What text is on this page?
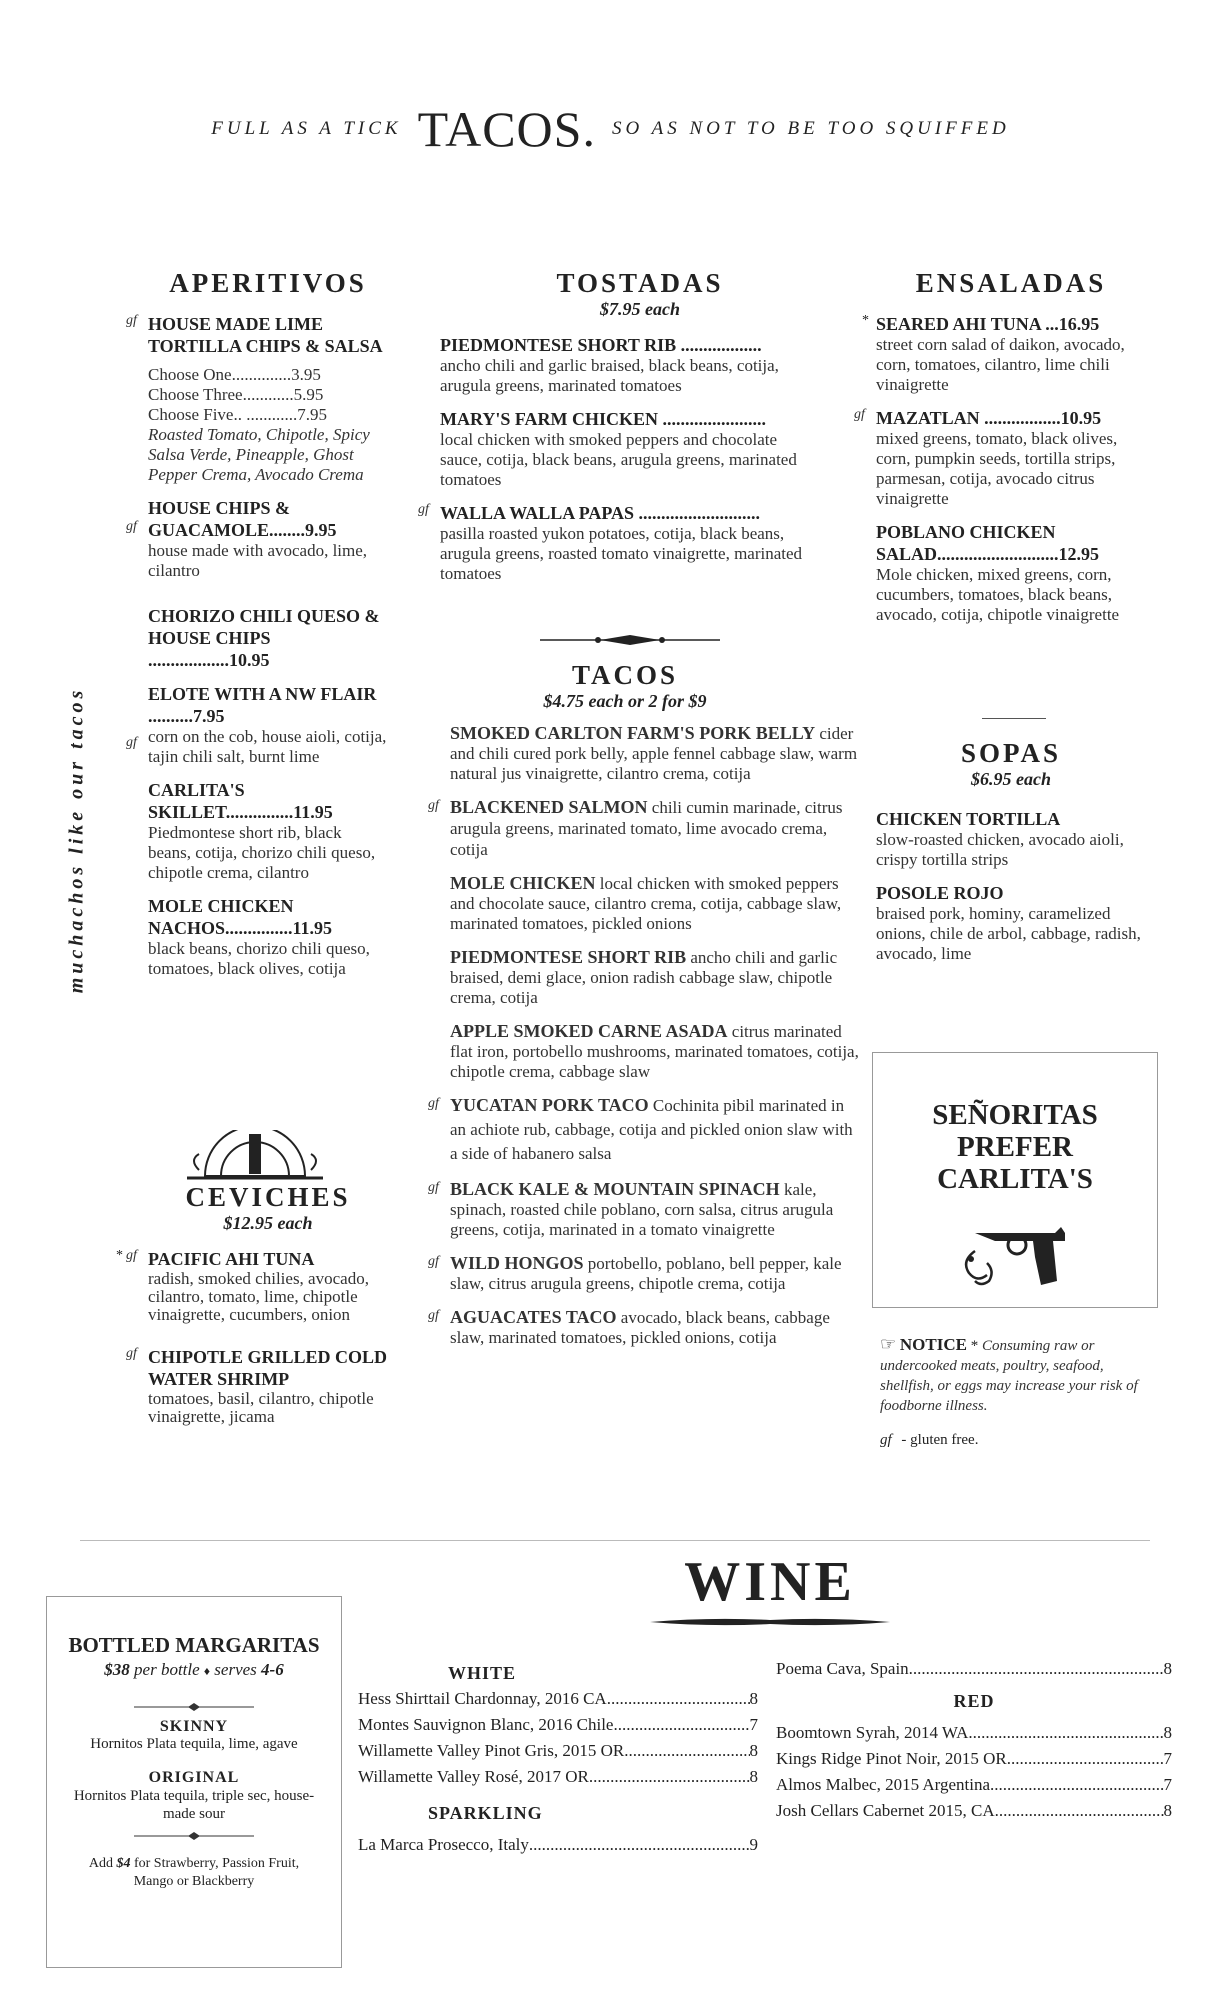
FULL AS A TICK TACOS. SO AS NOT TO BE TOO SQUIFFED
muchachos like our tacos
APERITIVOS
gf HOUSE MADE LIME TORTILLA CHIPS & SALSA
Choose One..............3.95
Choose Three............5.95
Choose Five.. ............7.95
Roasted Tomato, Chipotle, Spicy Salsa Verde, Pineapple, Ghost Pepper Crema, Avocado Crema
gf
HOUSE CHIPS & GUACAMOLE........9.95
house made with avocado, lime, cilantro
CHORIZO CHILI QUESO & HOUSE CHIPS ..................10.95
gf
ELOTE WITH A NW FLAIR ..........7.95
corn on the cob, house aioli, cotija, tajin chili salt, burnt lime
CARLITA'S SKILLET...............11.95
Piedmontese short rib, black beans, cotija, chorizo chili queso, chipotle crema, cilantro
MOLE CHICKEN NACHOS...............11.95
black beans, chorizo chili queso, tomatoes, black olives, cotija
CEVICHES
$12.95 each
* gf PACIFIC AHI TUNA
radish, smoked chilies, avocado, cilantro, tomato, lime, chipotle vinaigrette, cucumbers, onion
gf CHIPOTLE GRILLED COLD WATER SHRIMP
tomatoes, basil, cilantro, chipotle vinaigrette, jicama
TOSTADAS
$7.95 each
PIEDMONTESE SHORT RIB ..................
ancho chili and garlic braised, black beans, cotija, arugula greens, marinated tomatoes
MARY'S FARM CHICKEN .......................
local chicken with smoked peppers and chocolate sauce, cotija, black beans, arugula greens, marinated tomatoes
gf WALLA WALLA PAPAS ...........................
pasilla roasted yukon potatoes, cotija, black beans, arugula greens, roasted tomato vinaigrette, marinated tomatoes
TACOS
$4.75 each or 2 for $9
SMOKED CARLTON FARM'S PORK BELLY cider and chili cured pork belly, apple fennel cabbage slaw, warm natural jus vinaigrette, cilantro crema, cotija
gf BLACKENED SALMON chili cumin marinade, citrus arugula greens, marinated tomato, lime avocado crema, cotija
MOLE CHICKEN local chicken with smoked peppers and chocolate sauce, cilantro crema, cotija, cabbage slaw, marinated tomatoes, pickled onions
PIEDMONTESE SHORT RIB ancho chili and garlic braised, demi glace, onion radish cabbage slaw, chipotle crema, cotija
APPLE SMOKED CARNE ASADA citrus marinated flat iron, portobello mushrooms, marinated tomatoes, cotija, chipotle crema, cabbage slaw
gf YUCATAN PORK TACO Cochinita pibil marinated in an achiote rub, cabbage, cotija and pickled onion slaw with a side of habanero salsa
gf BLACK KALE & MOUNTAIN SPINACH kale, spinach, roasted chile poblano, corn salsa, citrus arugula greens, cotija, marinated in a tomato vinaigrette
gf WILD HONGOS portobello, poblano, bell pepper, kale slaw, citrus arugula greens, chipotle crema, cotija
gf AGUACATES TACO avocado, black beans, cabbage slaw, marinated tomatoes, pickled onions, cotija
ENSALADAS
* SEARED AHI TUNA ...16.95
street corn salad of daikon, avocado, corn, tomatoes, cilantro, lime chili vinaigrette
gf MAZATLAN .................10.95
mixed greens, tomato, black olives, corn, pumpkin seeds, tortilla strips, parmesan, cotija, avocado citrus vinaigrette
POBLANO CHICKEN SALAD...........................12.95
Mole chicken, mixed greens, corn, cucumbers, tomatoes, black beans, avocado, cotija, chipotle vinaigrette
SOPAS
$6.95 each
CHICKEN TORTILLA
slow-roasted chicken, avocado aioli, crispy tortilla strips
POSOLE ROJO
braised pork, hominy, caramelized onions, chile de arbol, cabbage, radish, avocado, lime
SEÑORITAS
PREFER
CARLITA'S
☞ NOTICE * Consuming raw or undercooked meats, poultry, seafood, shellfish, or eggs may increase your risk of foodborne illness.
gf - gluten free.
WINE
BOTTLED MARGARITAS
$38 per bottle ♦ serves 4-6
SKINNY
Hornitos Plata tequila, lime, agave
ORIGINAL
Hornitos Plata tequila, triple sec, house-made sour
Add $4 for Strawberry, Passion Fruit, Mango or Blackberry
WHITE
Hess Shirttail Chardonnay, 2016 CA .....	8
Montes Sauvignon Blanc, 2016 Chile .....	7
Willamette Valley Pinot Gris, 2015 OR .....	8
Willamette Valley Rosé, 2017 OR .....	8
SPARKLING
La Marca Prosecco, Italy .....	9
Poema Cava, Spain .....	8
RED
Boomtown Syrah, 2014 WA .....	8
Kings Ridge Pinot Noir, 2015 OR .....	7
Almos Malbec, 2015 Argentina .....	7
Josh Cellars Cabernet 2015, CA .....	8
